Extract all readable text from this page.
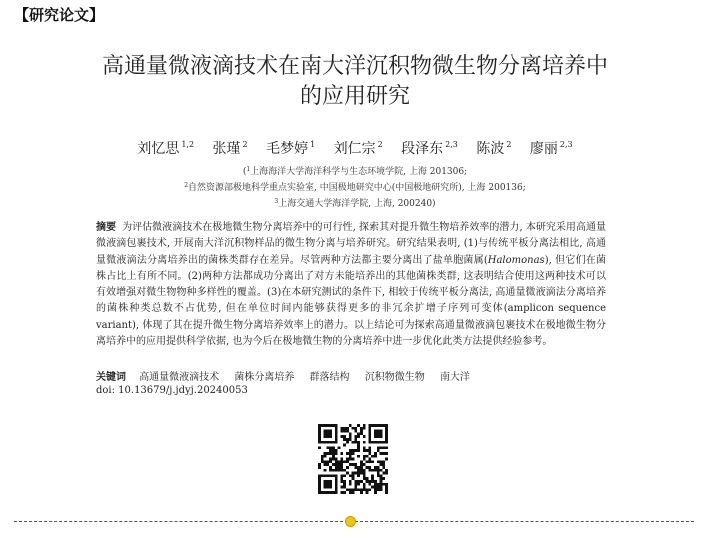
【研究论文】
高通量微液滴技术在南大洋沉积物微生物分离培养中
的应用研究
刘忆思 $^{1,2}$ 张瑾 $^2$ 毛梦婷 $^1$ 刘仁宗 $^2$ 段泽东 $^{2,3}$ 陈波 $^2$ 廖丽 $^{2,3}$
($^1$上海海洋大学海洋科学与生态环境学院, 上海 201306;
$^2$自然资源部极地科学重点实验室, 中国极地研究中心(中国极地研究所), 上海 200136;
$^3$上海交通大学海洋学院, 上海, 200240)
摘要 为评估微液滴技术在极地微生物分离培养中的可行性, 探索其对提升微生物培养效率的潜力, 本研究采用高通量微液滴包裹技术, 开展南大洋沉积物样品的微生物分离与培养研究。研究结果表明, (1)与传统平板分离法相比, 高通量微液滴法分离培养出的菌株类群存在差异。尽管两种方法都主要分离出了盐单胞菌属(Halomonas), 但它们在菌株占比上有所不同。(2)两种方法都成功分离出了对方未能培养出的其他菌株类群, 这表明结合使用这两种技术可以有效增强对微生物物种多样性的覆盖。(3)在本研究测试的条件下, 相较于传统平板分离法, 高通量微液滴法分离培养的菌株种类总数不占优势, 但在单位时间内能够获得更多的非冗余扩增子序列可变体(amplicon sequence variant), 体现了其在提升微生物分离培养效率上的潜力。以上结论可为探索高通量微液滴包裹技术在极地微生物分离培养中的应用提供科学依据, 也为今后在极地微生物的分离培养中进一步优化此类方法提供经验参考。
关键词 高通量微液滴技术 菌株分离培养 群落结构 沉积物微生物 南大洋
doi: 10.13679/j.jdyj.20240053
